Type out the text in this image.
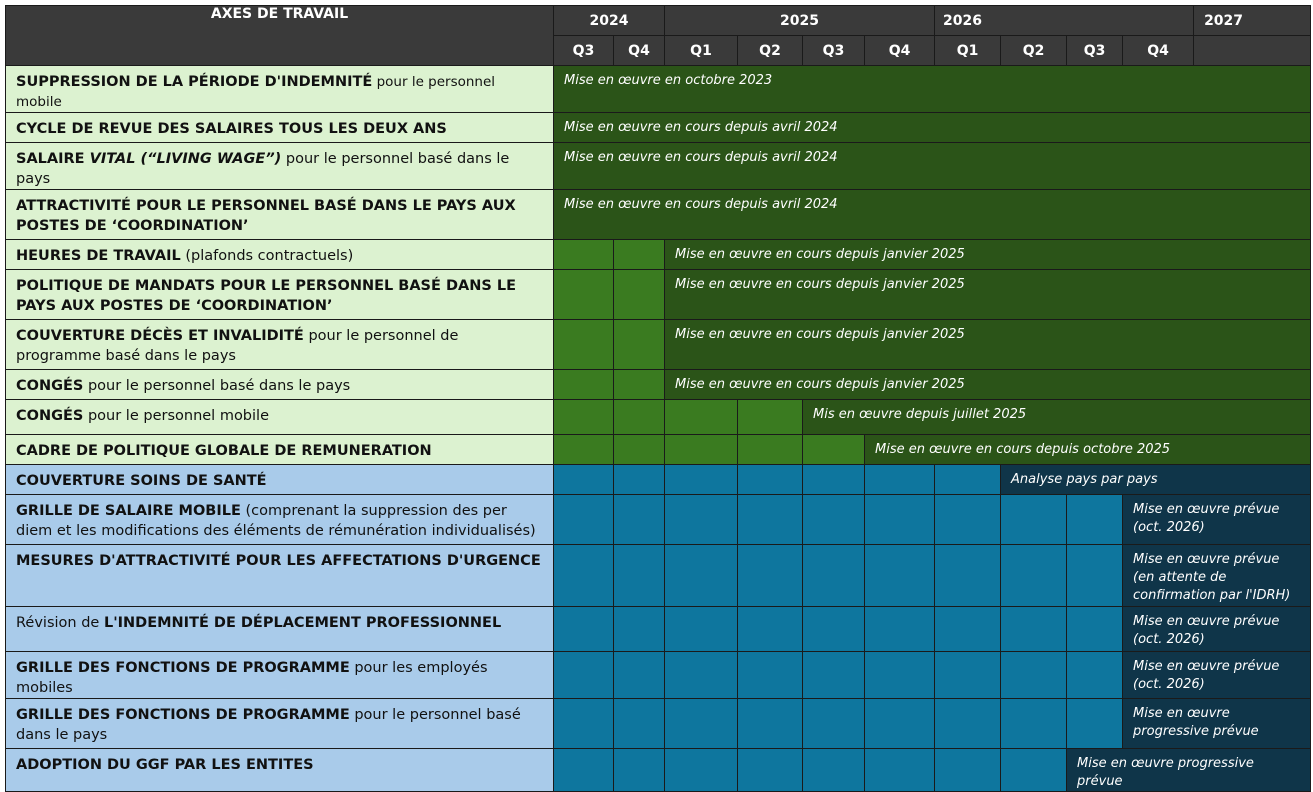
AXES DE TRAVAIL	2024		2025				2026				2027
	Q3	Q4	Q1	Q2	Q3	Q4	Q1	Q2	Q3	Q4	
SUPPRESSION DE LA PÉRIODE D'INDEMNITÉ pour le personnel mobile	Mise en œuvre en octobre 2023										
CYCLE DE REVUE DES SALAIRES TOUS LES DEUX ANS	Mise en œuvre en cours depuis avril 2024										
SALAIRE VITAL (“LIVING WAGE”) pour le personnel basé dans le pays	Mise en œuvre en cours depuis avril 2024										
ATTRACTIVITÉ POUR LE PERSONNEL BASÉ DANS LE PAYS AUX POSTES DE ‘COORDINATION’	Mise en œuvre en cours depuis avril 2024										
HEURES DE TRAVAIL (plafonds contractuels)			Mise en œuvre en cours depuis janvier 2025								
POLITIQUE DE MANDATS POUR LE PERSONNEL BASÉ DANS LE PAYS AUX POSTES DE ‘COORDINATION’			Mise en œuvre en cours depuis janvier 2025								
COUVERTURE DÉCÈS ET INVALIDITÉ pour le personnel de programme basé dans le pays			Mise en œuvre en cours depuis janvier 2025								
CONGÉS pour le personnel basé dans le pays			Mise en œuvre en cours depuis janvier 2025								
CONGÉS pour le personnel mobile					Mis en œuvre depuis juillet 2025						
CADRE DE POLITIQUE GLOBALE DE REMUNERATION						Mise en œuvre en cours depuis octobre 2025					
COUVERTURE SOINS DE SANTÉ								Analyse pays par pays			
GRILLE DE SALAIRE MOBILE (comprenant la suppression des per diem et les modifications des éléments de rémunération individualisés)										Mise en œuvre prévue (oct. 2026)	
MESURES D'ATTRACTIVITÉ POUR LES AFFECTATIONS D'URGENCE										Mise en œuvre prévue (en attente de confirmation par l'IDRH)	
Révision de L'INDEMNITÉ DE DÉPLACEMENT PROFESSIONNEL										Mise en œuvre prévue (oct. 2026)	
GRILLE DES FONCTIONS DE PROGRAMME pour les employés mobiles										Mise en œuvre prévue (oct. 2026)	
GRILLE DES FONCTIONS DE PROGRAMME pour le personnel basé dans le pays										Mise en œuvre progressive prévue	
ADOPTION DU GGF PAR LES ENTITES									Mise en œuvre progressive prévue		
